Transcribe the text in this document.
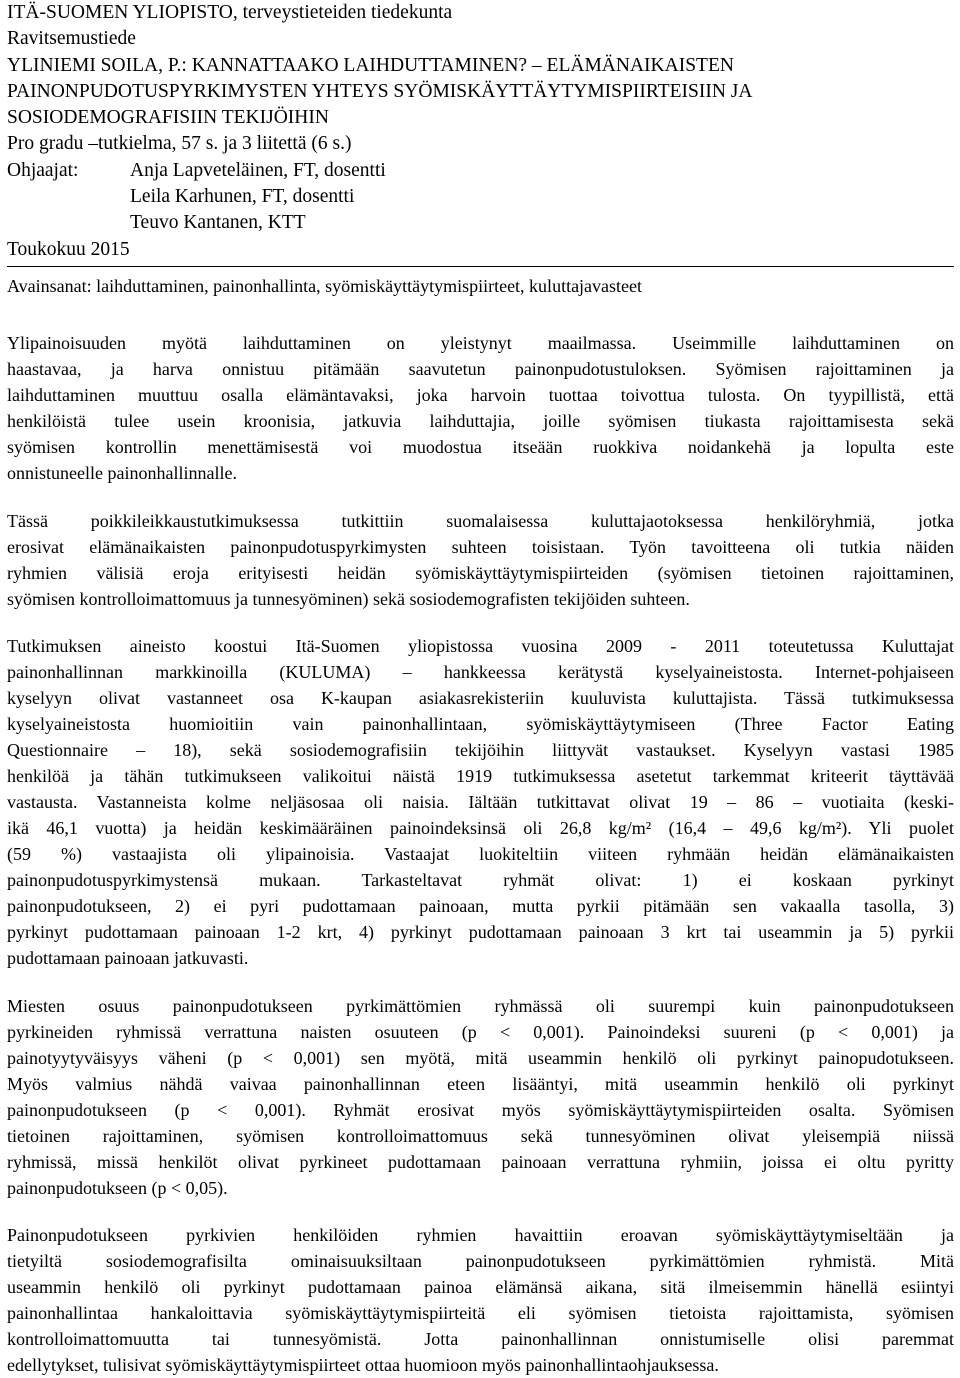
ITÄ-SUOMEN YLIOPISTO, terveystieteiden tiedekunta
Ravitsemustiede
YLINIEMI SOILA, P.: KANNATTAAKO LAIHDUTTAMINEN? – ELÄMÄNAIKAISTEN
PAINONPUDOTUSPYRKIMYSTEN YHTEYS SYÖMISKÄYTTÄYTYMISPIIRTEISIIN JA
SOSIODEMOGRAFISIIN TEKIJÖIHIN
Pro gradu –tutkielma, 57 s. ja 3 liitettä (6 s.)
Ohjaajat:	Anja Lapveteläinen, FT, dosentti
Leila Karhunen, FT, dosentti
Teuvo Kantanen, KTT
Toukokuu 2015
Avainsanat: laihduttaminen, painonhallinta, syömiskäyttäytymispiirteet, kuluttajavasteet
Ylipainoisuuden myötä laihduttaminen on yleistynyt maailmassa. Useimmille laihduttaminen on
haastavaa, ja harva onnistuu pitämään saavutetun painonpudotustuloksen. Syömisen rajoittaminen ja
laihduttaminen muuttuu osalla elämäntavaksi, joka harvoin tuottaa toivottua tulosta. On tyypillistä, että
henkilöistä tulee usein kroonisia, jatkuvia laihduttajia, joille syömisen tiukasta rajoittamisesta sekä
syömisen kontrollin menettämisestä voi muodostua itseään ruokkiva noidankehä ja lopulta este
onnistuneelle painonhallinnalle.
Tässä poikkileikkaustutkimuksessa tutkittiin suomalaisessa kuluttajaotoksessa henkilöryhmiä, jotka
erosivat elämänaikaisten painonpudotuspyrkimysten suhteen toisistaan. Työn tavoitteena oli tutkia näiden
ryhmien välisiä eroja erityisesti heidän syömiskäyttäytymispiirteiden (syömisen tietoinen rajoittaminen,
syömisen kontrolloimattomuus ja tunnesyöminen) sekä sosiodemografisten tekijöiden suhteen.
Tutkimuksen aineisto koostui Itä-Suomen yliopistossa vuosina 2009 - 2011 toteutetussa Kuluttajat
painonhallinnan markkinoilla (KULUMA) – hankkeessa kerätystä kyselyaineistosta. Internet-pohjaiseen
kyselyyn olivat vastanneet osa K-kaupan asiakasrekisteriin kuuluvista kuluttajista. Tässä tutkimuksessa
kyselyaineistosta huomioitiin vain painonhallintaan, syömiskäyttäytymiseen (Three Factor Eating
Questionnaire – 18), sekä sosiodemografisiin tekijöihin liittyvät vastaukset. Kyselyyn vastasi 1985
henkilöä ja tähän tutkimukseen valikoitui näistä 1919 tutkimuksessa asetetut tarkemmat kriteerit täyttävää
vastausta. Vastanneista kolme neljäsosaa oli naisia. Iältään tutkittavat olivat 19 – 86 – vuotiaita (keski-
ikä 46,1 vuotta) ja heidän keskimääräinen painoindeksinsä oli 26,8 kg/m² (16,4 – 49,6 kg/m²). Yli puolet
(59 %) vastaajista oli ylipainoisia. Vastaajat luokiteltiin viiteen ryhmään heidän elämänaikaisten
painonpudotuspyrkimystensä mukaan. Tarkasteltavat ryhmät olivat: 1) ei koskaan pyrkinyt
painonpudotukseen, 2) ei pyri pudottamaan painoaan, mutta pyrkii pitämään sen vakaalla tasolla, 3)
pyrkinyt pudottamaan painoaan 1-2 krt, 4) pyrkinyt pudottamaan painoaan 3 krt tai useammin ja 5) pyrkii
pudottamaan painoaan jatkuvasti.
Miesten osuus painonpudotukseen pyrkimättömien ryhmässä oli suurempi kuin painonpudotukseen
pyrkineiden ryhmissä verrattuna naisten osuuteen (p < 0,001). Painoindeksi suureni (p < 0,001) ja
painotyytyväisyys väheni (p < 0,001) sen myötä, mitä useammin henkilö oli pyrkinyt painopudotukseen.
Myös valmius nähdä vaivaa painonhallinnan eteen lisääntyi, mitä useammin henkilö oli pyrkinyt
painonpudotukseen (p < 0,001). Ryhmät erosivat myös syömiskäyttäytymispiirteiden osalta. Syömisen
tietoinen rajoittaminen, syömisen kontrolloimattomuus sekä tunnesyöminen olivat yleisempiä niissä
ryhmissä, missä henkilöt olivat pyrkineet pudottamaan painoaan verrattuna ryhmiin, joissa ei oltu pyritty
painonpudotukseen (p < 0,05).
Painonpudotukseen pyrkivien henkilöiden ryhmien havaittiin eroavan syömiskäyttäytymiseltään ja
tietyiltä sosiodemografisilta ominaisuuksiltaan painonpudotukseen pyrkimättömien ryhmistä. Mitä
useammin henkilö oli pyrkinyt pudottamaan painoa elämänsä aikana, sitä ilmeisemmin hänellä esiintyi
painonhallintaa hankaloittavia syömiskäyttäytymispiirteitä eli syömisen tietoista rajoittamista, syömisen
kontrolloimattomuutta tai tunnesyömistä. Jotta painonhallinnan onnistumiselle olisi paremmat
edellytykset, tulisivat syömiskäyttäytymispiirteet ottaa huomioon myös painonhallintaohjauksessa.
